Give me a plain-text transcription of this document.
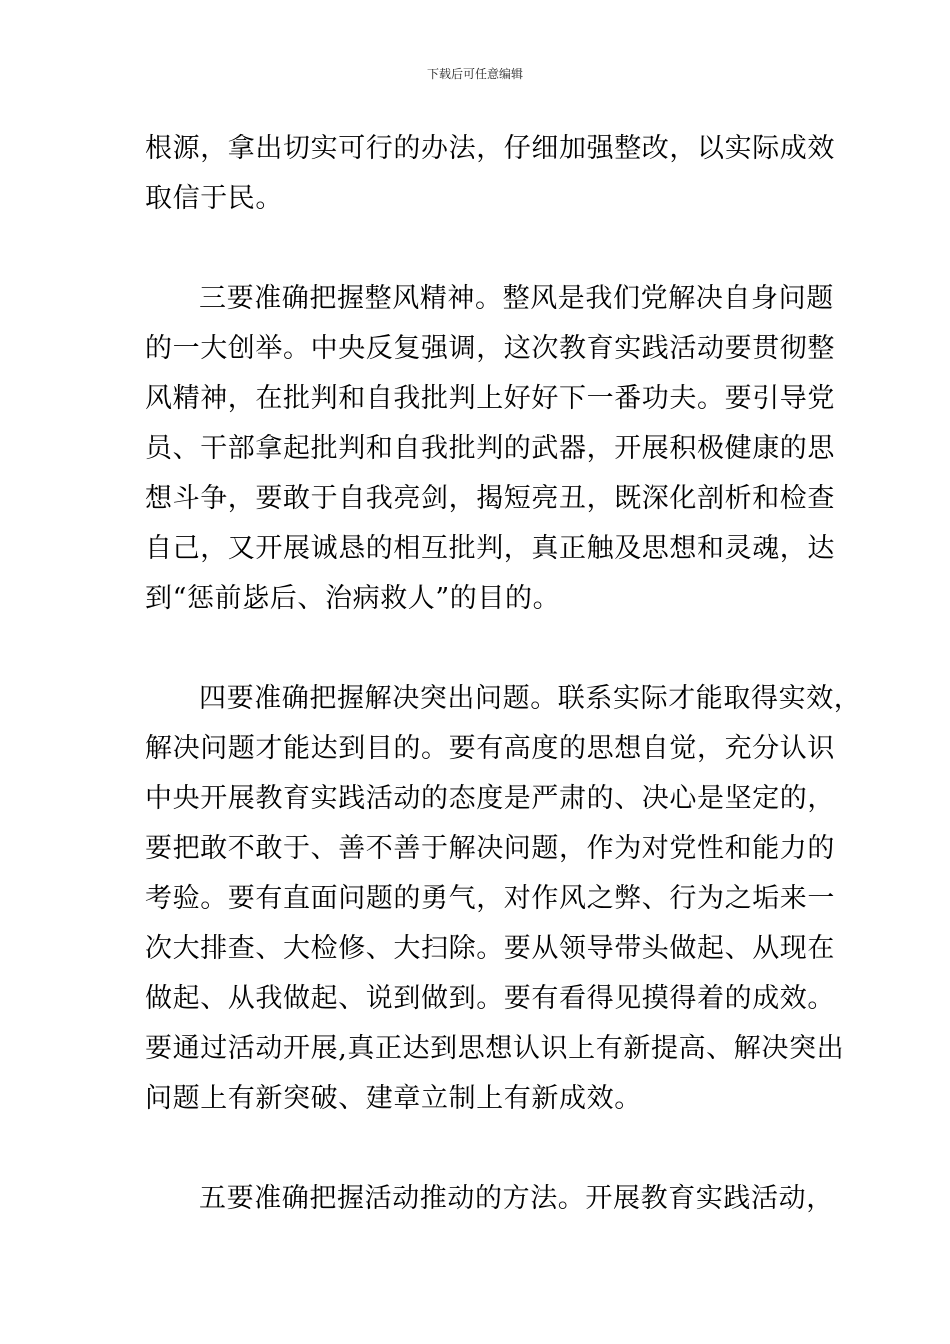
下载后可任意编辑
根源，拿出切实可行的办法，仔细加强整改，以实际成效
取信于民。
三要准确把握整风精神。整风是我们党解决自身问题
的一大创举。中央反复强调，这次教育实践活动要贯彻整
风精神，在批判和自我批判上好好下一番功夫。要引导党
员、干部拿起批判和自我批判的武器，开展积极健康的思
想斗争，要敢于自我亮剑，揭短亮丑，既深化剖析和检查
自己，又开展诚恳的相互批判，真正触及思想和灵魂，达
到“惩前毖后、治病救人”的目的。
四要准确把握解决突出问题。联系实际才能取得实效，
解决问题才能达到目的。要有高度的思想自觉，充分认识
中央开展教育实践活动的态度是严肃的、决心是坚定的，
要把敢不敢于、善不善于解决问题，作为对党性和能力的
考验。要有直面问题的勇气，对作风之弊、行为之垢来一
次大排查、大检修、大扫除。要从领导带头做起、从现在
做起、从我做起、说到做到。要有看得见摸得着的成效。
要通过活动开展,真正达到思想认识上有新提高、解决突出
问题上有新突破、建章立制上有新成效。
五要准确把握活动推动的方法。开展教育实践活动，
